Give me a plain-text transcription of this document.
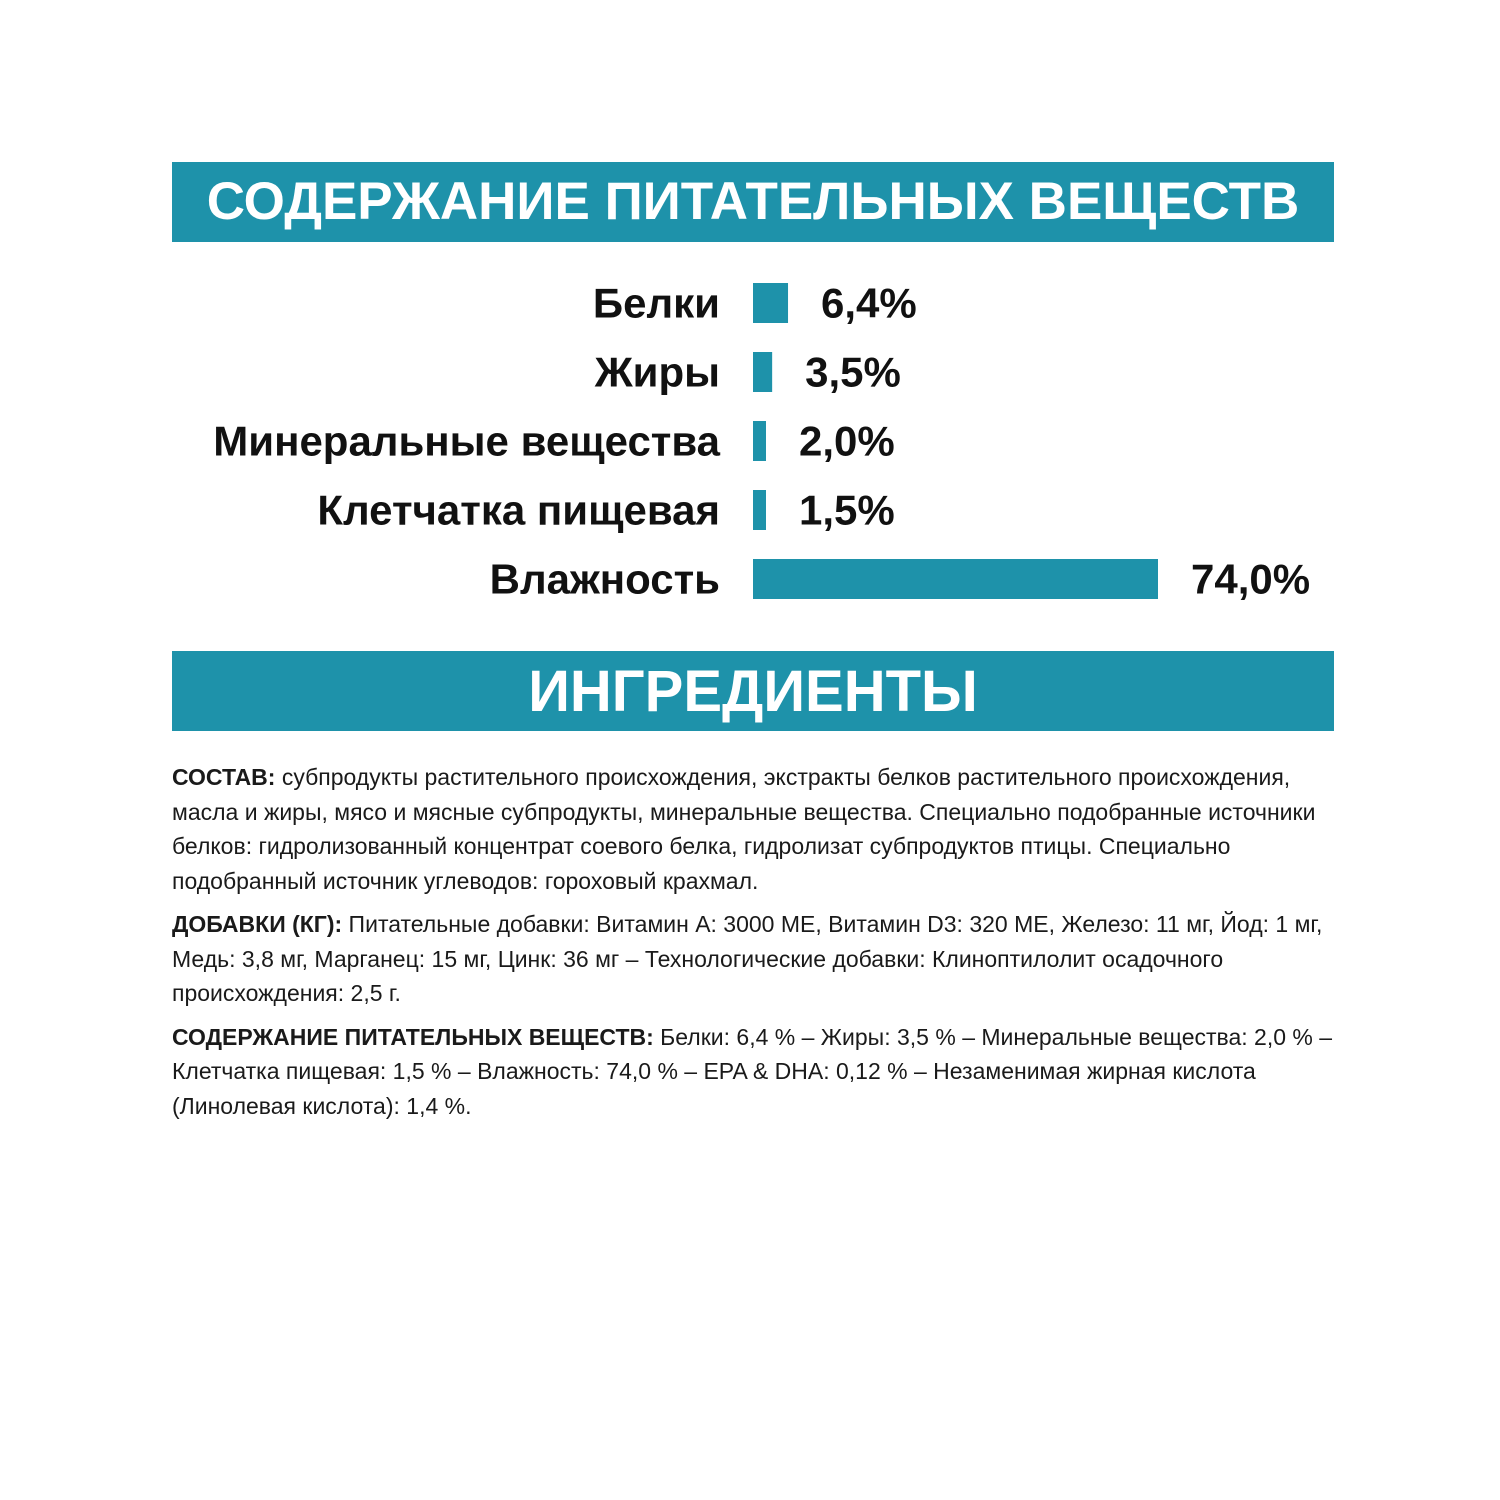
СОДЕРЖАНИЕ ПИТАТЕЛЬНЫХ ВЕЩЕСТВ
Белки 6,4%
Жиры 3,5%
Минеральные вещества 2,0%
Клетчатка пищевая 1,5%
Влажность	74,0%
ИНГРЕДИЕНТЫ

СОСТАВ: субпродукты растительного происхождения, экстракты белков растительного происхождения, масла и жиры, мясо и мясные субпродукты, минеральные вещества. Специально подобранные источники белков: гидролизованный концентрат соевого белка, гидролизат субпродуктов птицы. Специально подобранный источник углеводов: гороховый крахмал.

ДОБАВКИ (КГ): Питательные добавки: Витамин А: 3000 МЕ, Витамин D3: 320 МЕ, Железо: 11 мг, Йод: 1 мг, Медь: 3,8 мг, Марганец: 15 мг, Цинк: 36 мг – Технологические добавки: Клиноптилолит осадочного происхождения: 2,5 г.

СОДЕРЖАНИЕ ПИТАТЕЛЬНЫХ ВЕЩЕСТВ: Белки: 6,4 % – Жиры: 3,5 % – Минеральные вещества: 2,0 % – Клетчатка пищевая: 1,5 % – Влажность: 74,0 % – EPA & DHA: 0,12 % – Незаменимая жирная кислота (Линолевая кислота): 1,4 %.
